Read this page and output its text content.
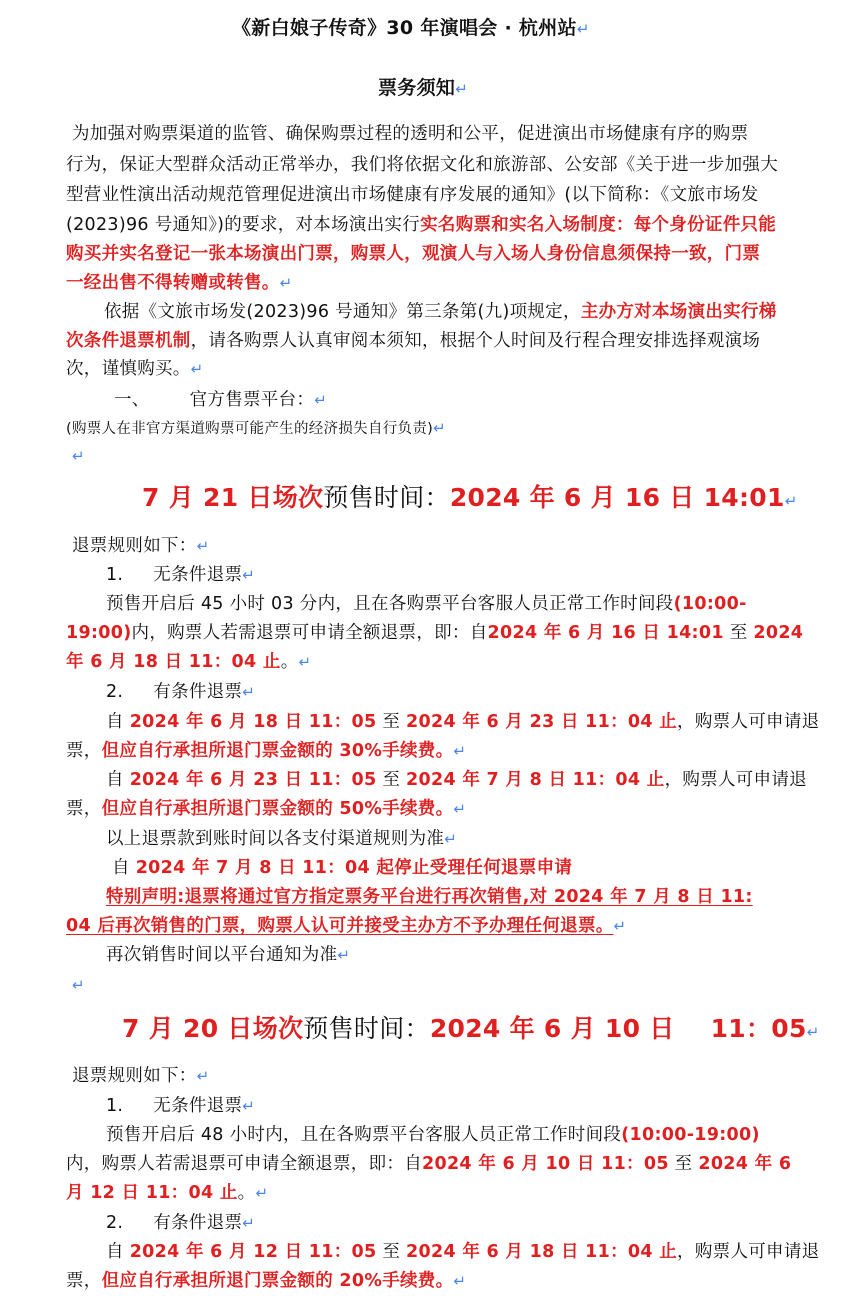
《新白娘子传奇》30 年演唱会 · 杭州站↵
票务须知↵
为加强对购票渠道的监管、确保购票过程的透明和公平，促进演出市场健康有序的购票
行为，保证大型群众活动正常举办，我们将依据文化和旅游部、公安部《关于进一步加强大
型营业性演出活动规范管理促进演出市场健康有序发展的通知》(以下简称：《文旅市场发
(2023)96 号通知》)的要求，对本场演出实行实名购票和实名入场制度：每个身份证件只能
购买并实名登记一张本场演出门票，购票人，观演人与入场人身份信息须保持一致，门票
一经出售不得转赠或转售。↵
依据《文旅市场发(2023)96 号通知》第三条第(九)项规定，主办方对本场演出实行梯
次条件退票机制，请各购票人认真审阅本须知，根据个人时间及行程合理安排选择观演场
次，谨慎购买。↵
一、 官方售票平台：↵
(购票人在非官方渠道购票可能产生的经济损失自行负责)↵
↵
7 月 21 日场次预售时间：2024 年 6 月 16 日 14:01↵
退票规则如下：↵
1. 无条件退票↵
预售开启后 45 小时 03 分内，且在各购票平台客服人员正常工作时间段(10:00-
19:00)内，购票人若需退票可申请全额退票，即：自2024 年 6 月 16 日 14:01 至 2024
年 6 月 18 日 11：04 止。↵
2. 有条件退票↵
自 2024 年 6 月 18 日 11：05 至 2024 年 6 月 23 日 11：04 止，购票人可申请退
票，但应自行承担所退门票金额的 30%手续费。↵
自 2024 年 6 月 23 日 11：05 至 2024 年 7 月 8 日 11：04 止，购票人可申请退
票，但应自行承担所退门票金额的 50%手续费。↵
以上退票款到账时间以各支付渠道规则为准↵
自 2024 年 7 月 8 日 11：04 起停止受理任何退票申请
特别声明:退票将通过官方指定票务平台进行再次销售,对 2024 年 7 月 8 日 11:
04 后再次销售的门票，购票人认可并接受主办方不予办理任何退票。↵
再次销售时间以平台通知为准↵
↵
7 月 20 日场次预售时间：2024 年 6 月 10 日 11：05↵
退票规则如下：↵
1. 无条件退票↵
预售开启后 48 小时内，且在各购票平台客服人员正常工作时间段(10:00-19:00)
内，购票人若需退票可申请全额退票，即：自2024 年 6 月 10 日 11：05 至 2024 年 6
月 12 日 11：04 止。↵
2. 有条件退票↵
自 2024 年 6 月 12 日 11：05 至 2024 年 6 月 18 日 11：04 止，购票人可申请退
票，但应自行承担所退门票金额的 20%手续费。↵
